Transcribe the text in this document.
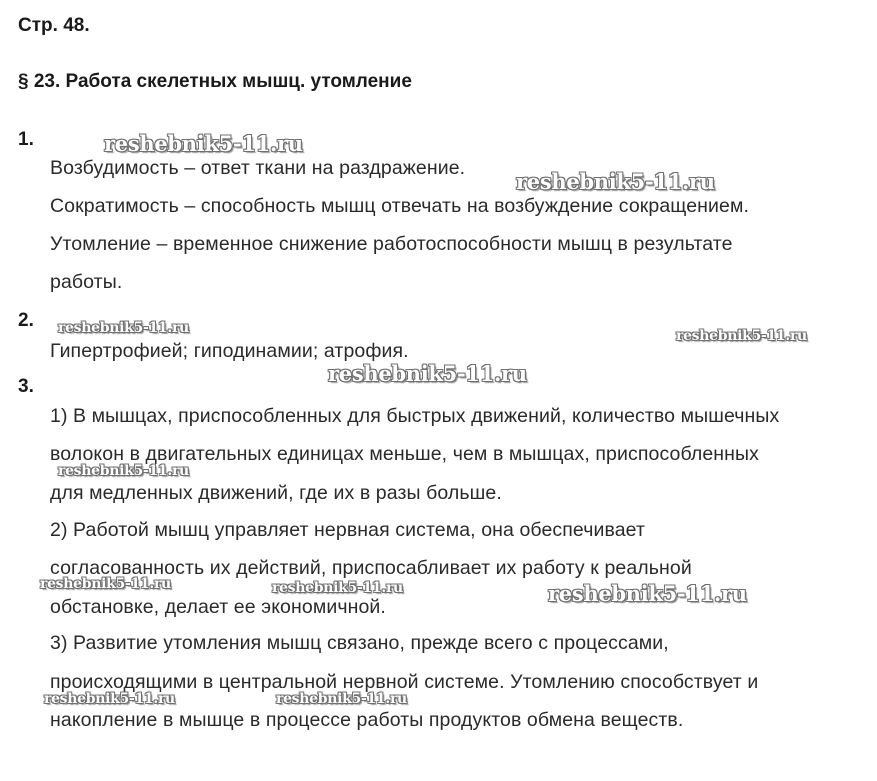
Стр. 48.
§ 23. Работа скелетных мышц. утомление
1.
Возбудимость – ответ ткани на раздражение.
Сократимость – способность мышц отвечать на возбуждение сокращением.
Утомление – временное снижение работоспособности мышц в результате
работы.
2.
Гипертрофией; гиподинамии; атрофия.
3.
1) В мышцах, приспособленных для быстрых движений, количество мышечных
волокон в двигательных единицах меньше, чем в мышцах, приспособленных
для медленных движений, где их в разы больше.
2) Работой мышц управляет нервная система, она обеспечивает
согласованность их действий, приспосабливает их работу к реальной
обстановке, делает ее экономичной.
3) Развитие утомления мышц связано, прежде всего с процессами,
происходящими в центральной нервной системе. Утомлению способствует и
накопление в мышце в процессе работы продуктов обмена веществ.
reshebnik5-11.ru
reshebnik5-11.ru
reshebnik5-11.ru	reshebnik5-11.ru
reshebnik5-11.ru
reshebnik5-11.ru
reshebnik5-11.ru	reshebnik5-11.ru	reshebnik5-11.ru
reshebnik5-11.ru	reshebnik5-11.ru
